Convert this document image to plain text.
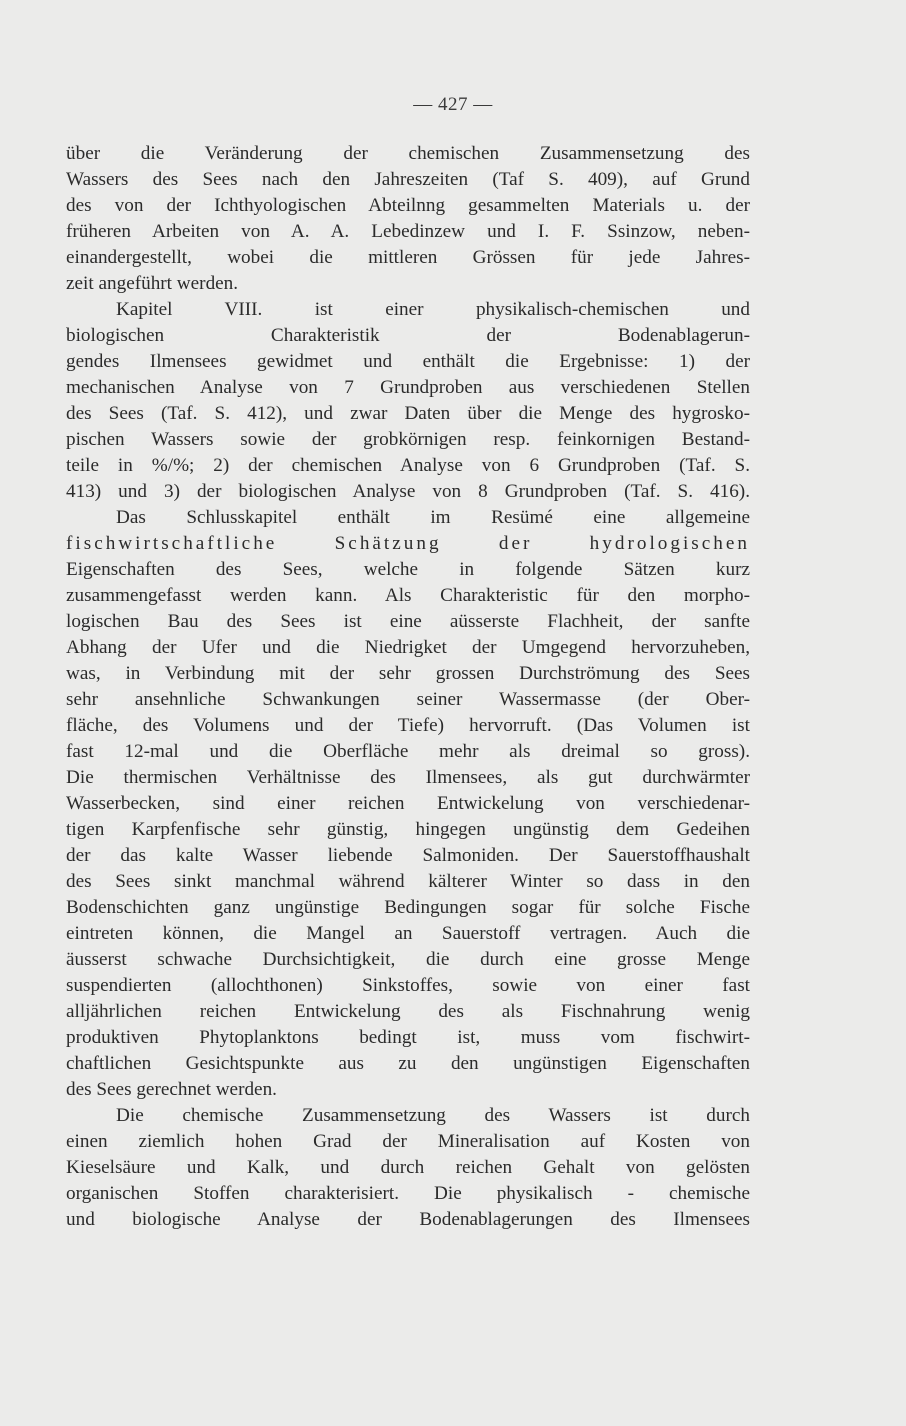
— 427 —
über die Veränderung der chemischen Zusammensetzung des
Wassers des Sees nach den Jahreszeiten (Taf S. 409), auf Grund
des von der Ichthyologischen Abteilnng gesammelten Materials u. der
früheren Arbeiten von A. A. Lebedinzew und I. F. Ssinzow, neben-
einandergestellt, wobei die mittleren Grössen für jede Jahres-
zeit angeführt werden.
Kapitel VIII. ist einer physikalisch-chemischen und
biologischen Charakteristik der Bodenablagerun-
gendes Ilmensees gewidmet und enthält die Ergebnisse: 1) der
mechanischen Analyse von 7 Grundproben aus verschiedenen Stellen
des Sees (Taf. S. 412), und zwar Daten über die Menge des hygrosko-
pischen Wassers sowie der grobkörnigen resp. feinkornigen Bestand-
teile in %/%; 2) der chemischen Analyse von 6 Grundproben (Taf. S.
413) und 3) der biologischen Analyse von 8 Grundproben (Taf. S. 416).
Das Schlusskapitel enthält im Resümé eine allgemeine
fischwirtschaftliche Schätzung der hydrologischen
Eigenschaften des Sees, welche in folgende Sätzen kurz
zusammengefasst werden kann. Als Charakteristic für den morpho-
logischen Bau des Sees ist eine aüsserste Flachheit, der sanfte
Abhang der Ufer und die Niedrigket der Umgegend hervorzuheben,
was, in Verbindung mit der sehr grossen Durchströmung des Sees
sehr ansehnliche Schwankungen seiner Wassermasse (der Ober-
fläche, des Volumens und der Tiefe) hervorruft. (Das Volumen ist
fast 12-mal und die Oberfläche mehr als dreimal so gross).
Die thermischen Verhältnisse des Ilmensees, als gut durchwärmter
Wasserbecken, sind einer reichen Entwickelung von verschiedenar-
tigen Karpfenfische sehr günstig, hingegen ungünstig dem Gedeihen
der das kalte Wasser liebende Salmoniden. Der Sauerstoffhaushalt
des Sees sinkt manchmal während kälterer Winter so dass in den
Bodenschichten ganz ungünstige Bedingungen sogar für solche Fische
eintreten können, die Mangel an Sauerstoff vertragen. Auch die
äusserst schwache Durchsichtigkeit, die durch eine grosse Menge
suspendierten (allochthonen) Sinkstoffes, sowie von einer fast
alljährlichen reichen Entwickelung des als Fischnahrung wenig
produktiven Phytoplanktons bedingt ist, muss vom fischwirt-
chaftlichen Gesichtspunkte aus zu den ungünstigen Eigenschaften
des Sees gerechnet werden.
Die chemische Zusammensetzung des Wassers ist durch
einen ziemlich hohen Grad der Mineralisation auf Kosten von
Kieselsäure und Kalk, und durch reichen Gehalt von gelösten
organischen Stoffen charakterisiert. Die physikalisch - chemische
und biologische Analyse der Bodenablagerungen des Ilmensees
